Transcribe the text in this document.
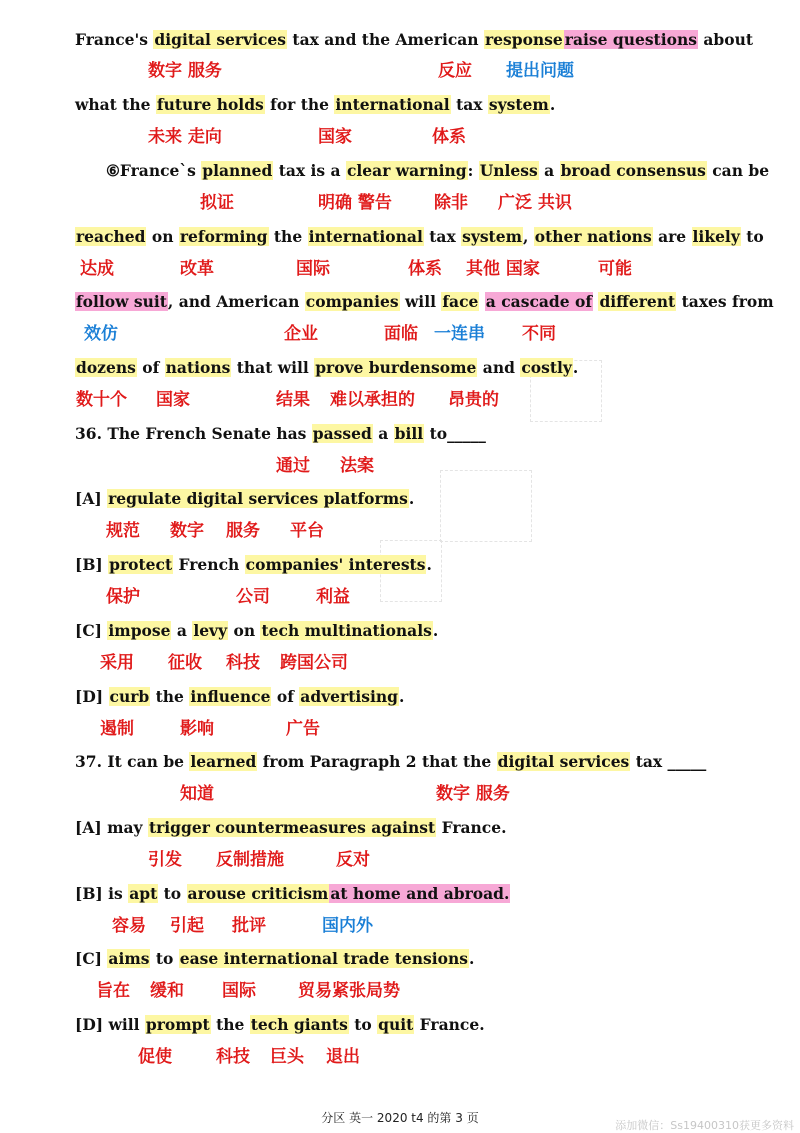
France's digital services tax and the American response raise questions about
数字 服务	反应 提出问题
what the future holds for the international tax system.
未来 走向	国家	体系
⑥France`s planned tax is a clear warning: Unless a broad consensus can be
拟证	明确 警告 除非 广泛 共识
reached on reforming the international tax system, other nations are likely to
达成	改革	国际	体系 其他 国家	可能
follow suit, and American companies will face a cascade of different taxes from
效仿	企业	面临 一连串 不同
dozens of nations that will prove burdensome and costly.
数十个 国家	结果 难以承担的 昂贵的
36. The French Senate has passed a bill to_____
通过 法案
[A] regulate digital services platforms.
规范 数字 服务 平台
[B] protect French companies' interests.
保护	公司	利益
[C] impose a levy on tech multinationals.
采用 征收 科技 跨国公司
[D] curb the influence of advertising.
遏制	影响	广告
37. It can be learned from Paragraph 2 that the digital services tax _____
知道	数字 服务
[A] may trigger countermeasures against France.
引发 反制措施	反对
[B] is apt to arouse criticism at home and abroad.
容易 引起 批评	国内外
[C] aims to ease international trade tensions.
旨在 缓和 国际 贸易紧张局势
[D] will prompt the tech giants to quit France.
促使	科技 巨头 退出
分区 英一 2020 t4 的第 3 页
添加微信：Ss19400310获更多资料
